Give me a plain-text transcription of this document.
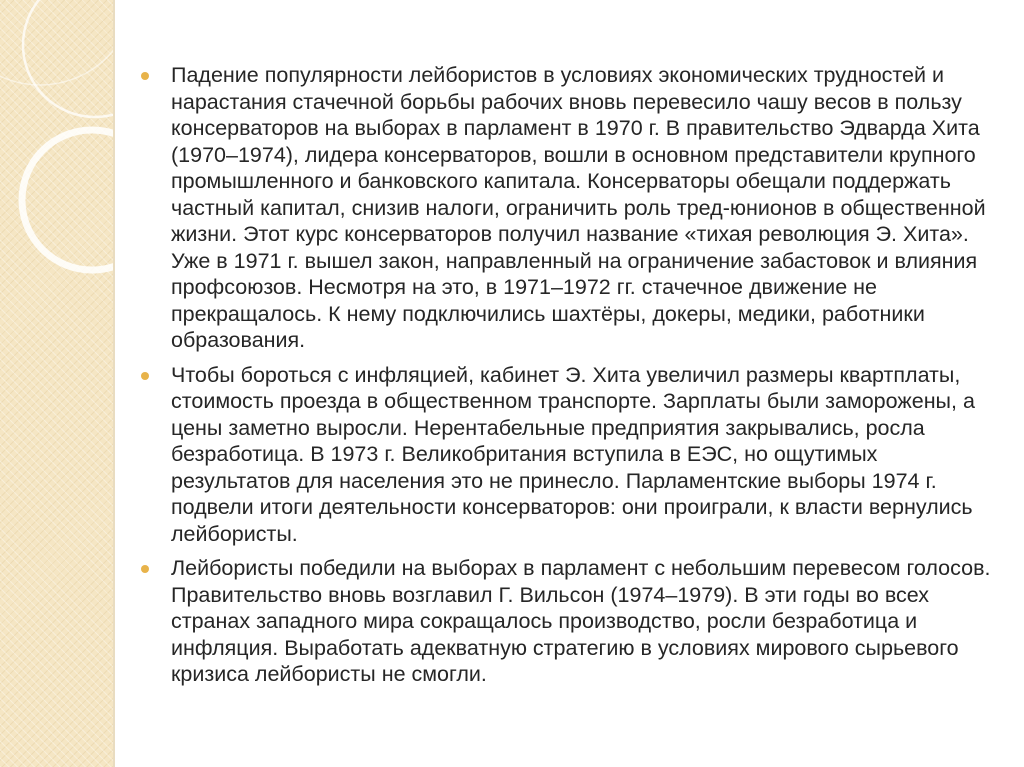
Падение популярности лейбористов в условиях экономических трудностей и нарастания стачечной борьбы рабочих вновь перевесило чашу весов в пользу консерваторов на выборах в парламент в 1970 г. В правительство Эдварда Хита (1970–1974), лидера консерваторов, вошли в основном представители крупного промышленного и банковского капитала. Консерваторы обещали поддержать частный капитал, снизив налоги, ограничить роль тред-юнионов в общественной жизни. Этот курс консерваторов получил название «тихая революция Э. Хита». Уже в 1971 г. вышел закон, направленный на ограничение забастовок и влияния профсоюзов. Несмотря на это, в 1971–1972 гг. стачечное движение не прекращалось. К нему подключились шахтёры, докеры, медики, работники образования.
Чтобы бороться с инфляцией, кабинет Э. Хита увеличил размеры квартплаты, стоимость проезда в общественном транспорте. Зарплаты были заморожены, а цены заметно выросли. Нерентабельные предприятия закрывались, росла безработица. В 1973 г. Великобритания вступила в ЕЭС, но ощутимых результатов для населения это не принесло. Парламентские выборы 1974 г. подвели итоги деятельности консерваторов: они проиграли, к власти вернулись лейбористы.
Лейбористы победили на выборах в парламент с небольшим перевесом голосов. Правительство вновь возглавил Г. Вильсон (1974–1979). В эти годы во всех странах западного мира сокращалось производство, росли безработица и инфляция. Выработать адекватную стратегию в условиях мирового сырьевого кризиса лейбористы не смогли.
